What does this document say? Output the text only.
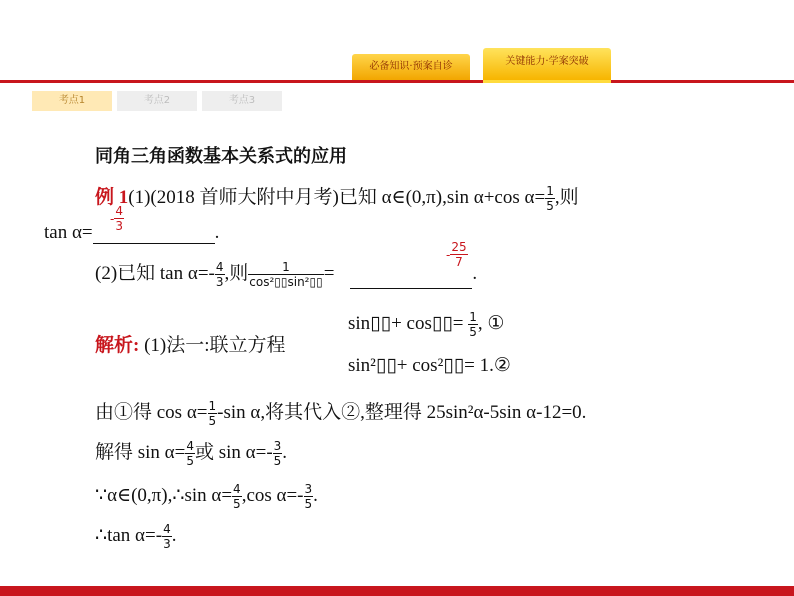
必备知识·预案自诊	关键能力·学案突破
考点1	考点2	考点3
同角三角函数基本关系式的应用
例 1(1)(2018 首师大附中月考)已知 α∈(0,π),sin α+cos $\alpha= \frac{1}{5}$ ,则
tan α=	.
- $\frac{4}{3}$
(2)已知 $\tan \alpha=- \frac{4}{3}$ ,则 $\frac{1}{\text{cos²▯▯sin²▯▯}}$ =	.
- $\frac{25}{7}$
解析: (1)法一:联立方程
sin▯▯+ cos▯▯= $\frac{1}{5}$ , ①
sin²▯▯+ cos²▯▯= 1.②
由①得 $\cos \alpha= \frac{1}{5} -\sin$ α,将其代入②,整理得 25sin²α-5sin α-12=0.
解得 $\sin \alpha= \frac{4}{5}$ 或 $\sin \alpha=- \frac{3}{5}$ .
∵α∈(0,π),∴sin $\alpha= \frac{4}{5} ,\cos$ $\alpha=- \frac{3}{5}$ .
∴tan $\alpha=- \frac{4}{3}$ .
